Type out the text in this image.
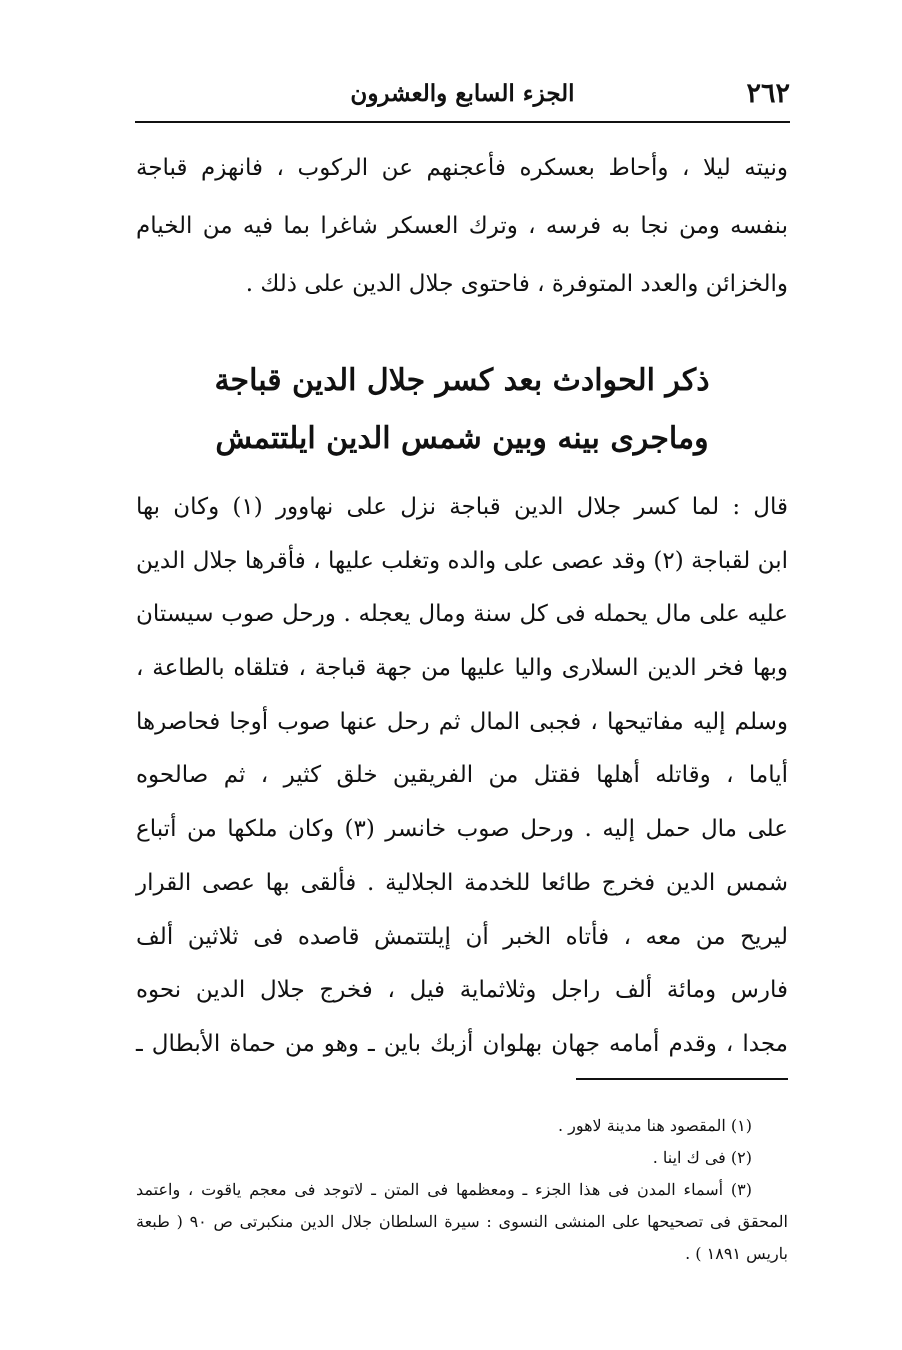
٢٦٢
الجزء السابع والعشرون
ونيته ليلا ، وأحاط بعسكره فأعجنهم عن الركوب ، فانهزم قباجة
بنفسه ومن نجا به فرسه ، وترك العسكر شاغرا بما فيه من الخيام
والخزائن والعدد المتوفرة ، فاحتوى جلال الدين على ذلك .
ذكر الحوادث بعد كسر جلال الدين قباجة
وماجرى بينه وبين شمس الدين ايلتتمش
قال : لما كسر جلال الدين قباجة نزل على نهاوور (١) وكان بها
ابن لقباجة (٢) وقد عصى على والده وتغلب عليها ، فأقرها جلال الدين
عليه على مال يحمله فى كل سنة ومال يعجله . ورحل صوب سيستان
وبها فخر الدين السلارى واليا عليها من جهة قباجة ، فتلقاه بالطاعة ،
وسلم إليه مفاتيحها ، فجبى المال ثم رحل عنها صوب أوجا فحاصرها
أياما ، وقاتله أهلها فقتل من الفريقين خلق كثير ، ثم صالحوه
على مال حمل إليه . ورحل صوب خانسر (٣) وكان ملكها من أتباع
شمس الدين فخرج طائعا للخدمة الجلالية . فألقى بها عصى القرار
ليريح من معه ، فأتاه الخبر أن إيلتتمش قاصده فى ثلاثين ألف
فارس ومائة ألف راجل وثلاثماية فيل ، فخرج جلال الدين نحوه
مجدا ، وقدم أمامه جهان بهلوان أزبك باين ـ وهو من حماة الأبطال ـ
(١) المقصود هنا مدينة لاهور .
(٢) فى ك اينا .
(٣) أسماء المدن فى هذا الجزء ـ ومعظمها فى المتن ـ لاتوجد فى معجم ياقوت ، واعتمد
المحقق فى تصحيحها على المنشى النسوى : سيرة السلطان جلال الدين منكبرتى ص ٩٠ ( طبعة
باريس ١٨٩١ ) .
